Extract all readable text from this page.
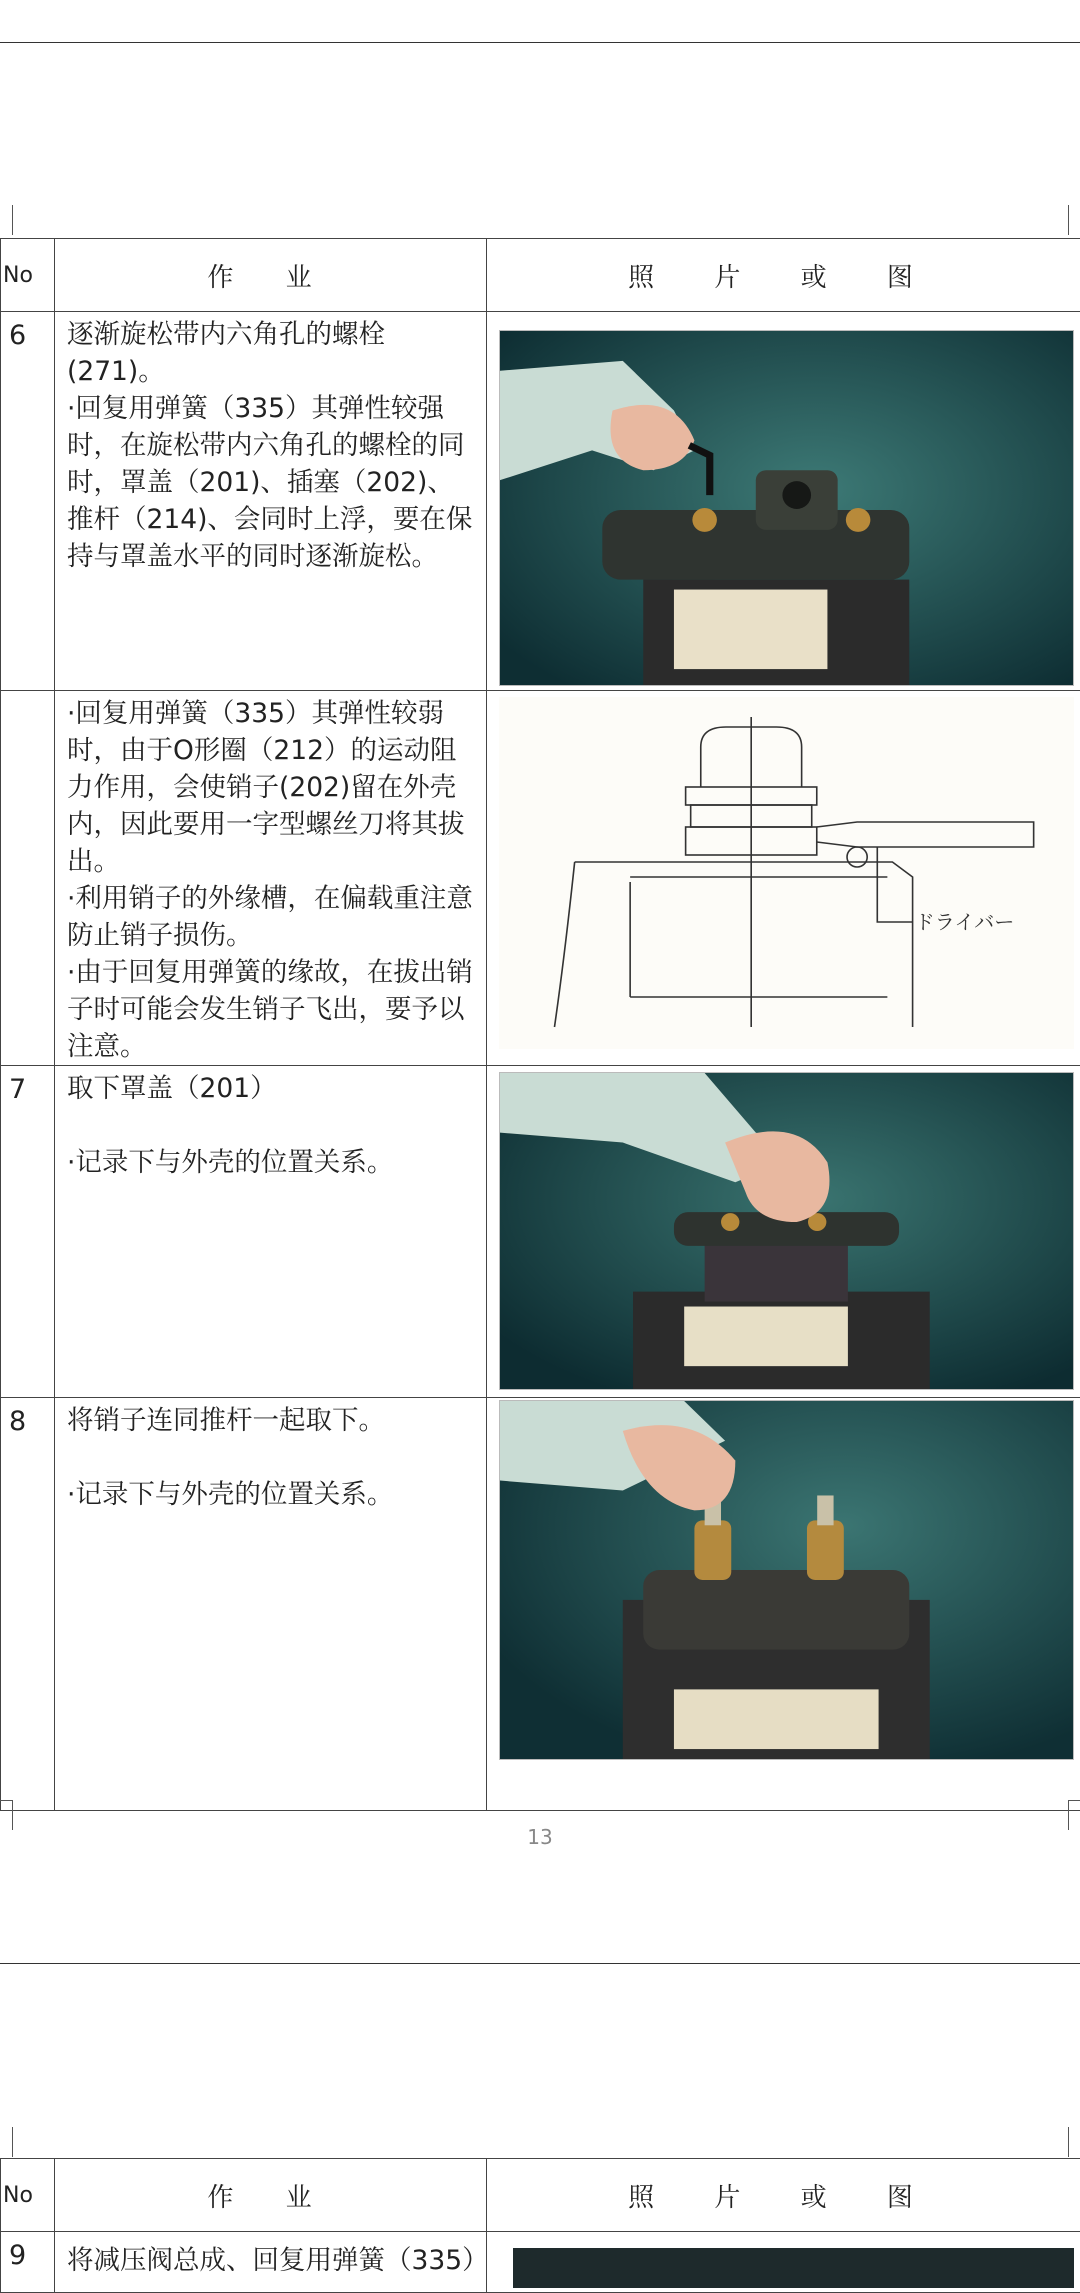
No	作 业	照 片 或 图
6	逐渐旋松带内六角孔的螺栓(271)。

·回复用弹簧（335）其弹性较强时，在旋松带内六角孔的螺栓的同时，罩盖（201)、插塞（202)、推杆（214)、会同时上浮，要在保持与罩盖水平的同时逐渐旋松。

	·回复用弹簧（335）其弹性较弱时，由于O形圈（212）的运动阻力作用，会使销子(202)留在外壳内，因此要用一字型螺丝刀将其拔出。

·利用销子的外缘槽，在偏载重注意防止销子损伤。

·由于回复用弹簧的缘故，在拔出销子时可能会发生销子飞出，要予以注意。	ドライバー

7	取下罩盖（201）

·记录下与外壳的位置关系。

8	将销子连同推杆一起取下。

·记录下与外壳的位置关系。

13
No	作 业	照 片 或 图
9	将减压阀总成、回复用弹簧（335）	
